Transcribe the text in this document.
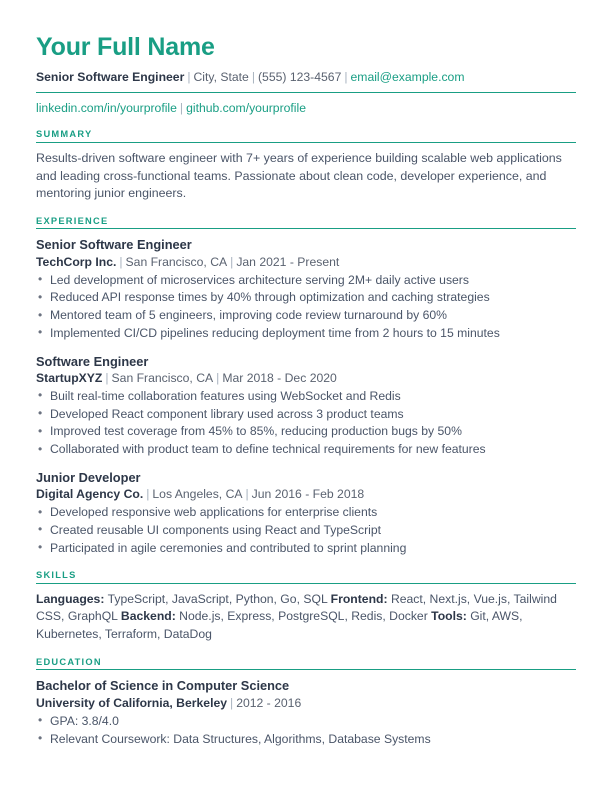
Your Full Name

Senior Software Engineer | City, State | (555) 123-4567 | email@example.com

linkedin.com/in/yourprofile | github.com/yourprofile

SUMMARY

Results-driven software engineer with 7+ years of experience building scalable web applications and leading cross-functional teams. Passionate about clean code, developer experience, and mentoring junior engineers.

EXPERIENCE

Senior Software Engineer

TechCorp Inc. | San Francisco, CA | Jan 2021 - Present

• Led development of microservices architecture serving 2M+ daily active users
• Reduced API response times by 40% through optimization and caching strategies
• Mentored team of 5 engineers, improving code review turnaround by 60%
• Implemented CI/CD pipelines reducing deployment time from 2 hours to 15 minutes

Software Engineer

StartupXYZ | San Francisco, CA | Mar 2018 - Dec 2020

• Built real-time collaboration features using WebSocket and Redis
• Developed React component library used across 3 product teams
• Improved test coverage from 45% to 85%, reducing production bugs by 50%
• Collaborated with product team to define technical requirements for new features

Junior Developer

Digital Agency Co. | Los Angeles, CA | Jun 2016 - Feb 2018

• Developed responsive web applications for enterprise clients
• Created reusable UI components using React and TypeScript
• Participated in agile ceremonies and contributed to sprint planning
SKILLS

Languages: TypeScript, JavaScript, Python, Go, SQL Frontend: React, Next.js, Vue.js, Tailwind CSS, GraphQL Backend: Node.js, Express, PostgreSQL, Redis, Docker Tools: Git, AWS, Kubernetes, Terraform, DataDog

EDUCATION

Bachelor of Science in Computer Science

University of California, Berkeley | 2012 - 2016

• GPA: 3.8/4.0
• Relevant Coursework: Data Structures, Algorithms, Database Systems
